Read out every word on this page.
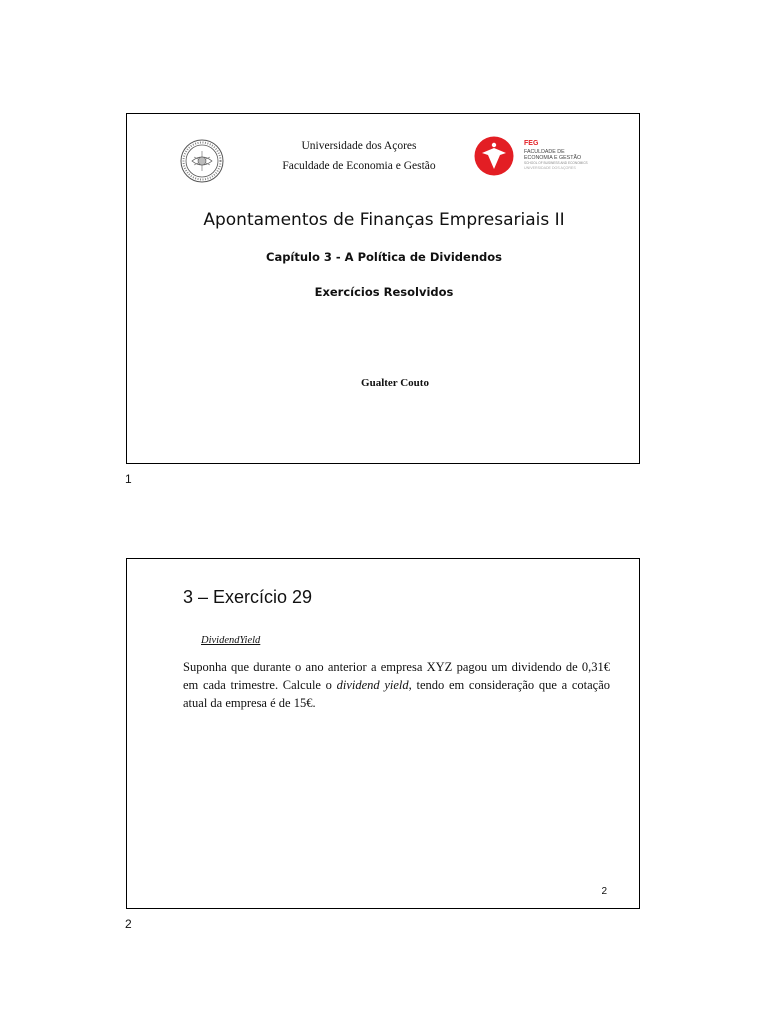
Universidade dos Açores
Faculdade de Economia e Gestão
FEG
FACULDADE DE
ECONOMIA E GESTÃO
SCHOOL OF BUSINESS AND ECONOMICS
UNIVERSIDADE DOS AÇORES
Apontamentos de Finanças Empresariais II
Capítulo 3 - A Política de Dividendos
Exercícios Resolvidos
Gualter Couto
1
3 – Exercício 29
DividendYield
Suponha que durante o ano anterior a empresa XYZ pagou um dividendo de 0,31€ em cada trimestre. Calcule o dividend yield, tendo em consideração que a cotação atual da empresa é de 15€.
2
2
